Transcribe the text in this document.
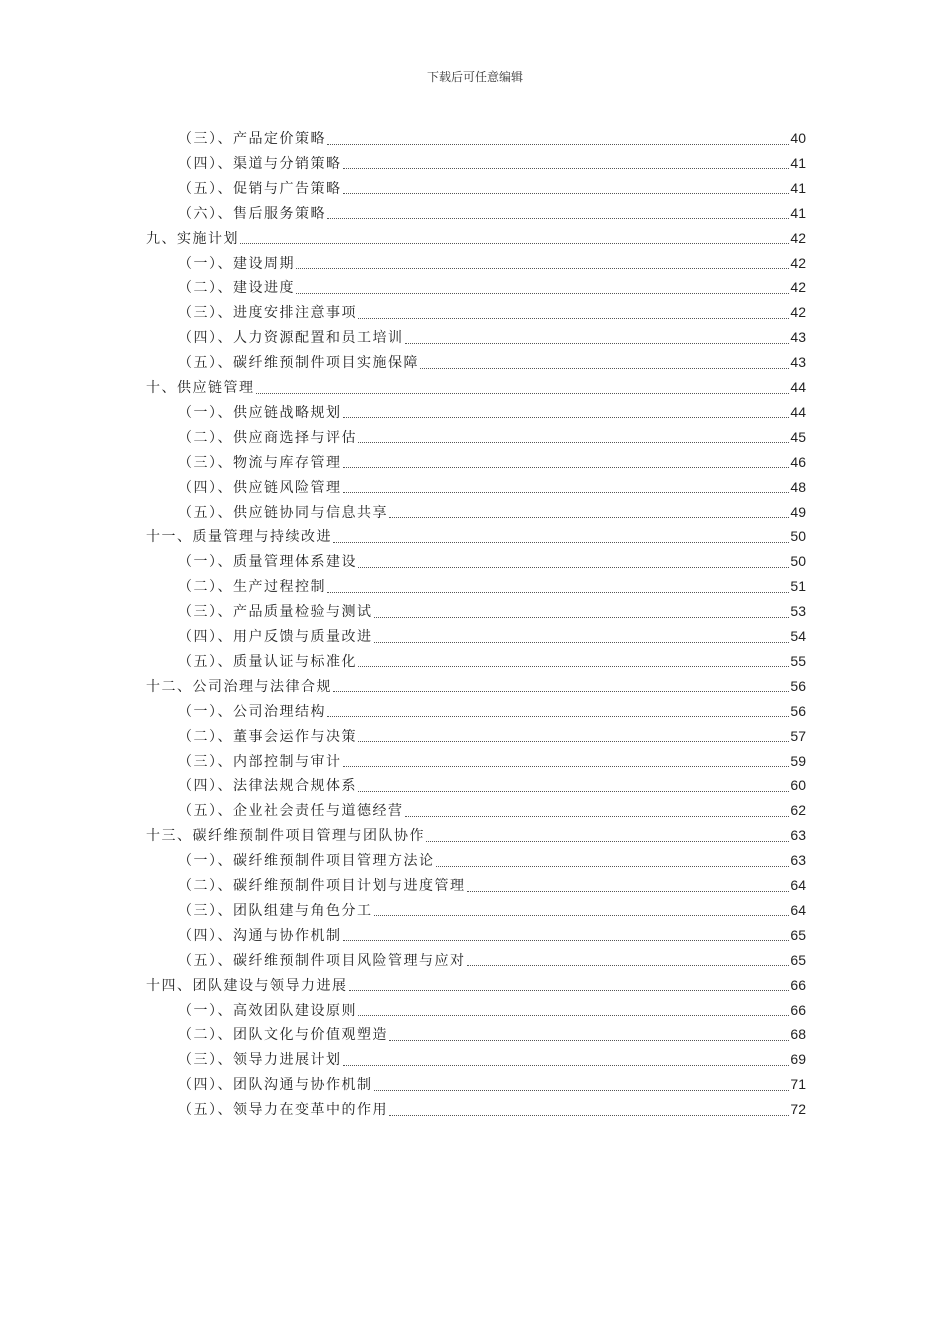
下载后可任意编辑
（三）、产品定价策略	40
（四）、渠道与分销策略	41
（五）、促销与广告策略	41
（六）、售后服务策略	41
九、实施计划	42
（一）、建设周期	42
（二）、建设进度	42
（三）、进度安排注意事项	42
（四）、人力资源配置和员工培训	43
（五）、碳纤维预制件项目实施保障	43
十、供应链管理	44
（一）、供应链战略规划	44
（二）、供应商选择与评估	45
（三）、物流与库存管理	46
（四）、供应链风险管理	48
（五）、供应链协同与信息共享	49
十一、质量管理与持续改进	50
（一）、质量管理体系建设	50
（二）、生产过程控制	51
（三）、产品质量检验与测试	53
（四）、用户反馈与质量改进	54
（五）、质量认证与标准化	55
十二、公司治理与法律合规	56
（一）、公司治理结构	56
（二）、董事会运作与决策	57
（三）、内部控制与审计	59
（四）、法律法规合规体系	60
（五）、企业社会责任与道德经营	62
十三、碳纤维预制件项目管理与团队协作	63
（一）、碳纤维预制件项目管理方法论	63
（二）、碳纤维预制件项目计划与进度管理	64
（三）、团队组建与角色分工	64
（四）、沟通与协作机制	65
（五）、碳纤维预制件项目风险管理与应对	65
十四、团队建设与领导力进展	66
（一）、高效团队建设原则	66
（二）、团队文化与价值观塑造	68
（三）、领导力进展计划	69
（四）、团队沟通与协作机制	71
（五）、领导力在变革中的作用	72
